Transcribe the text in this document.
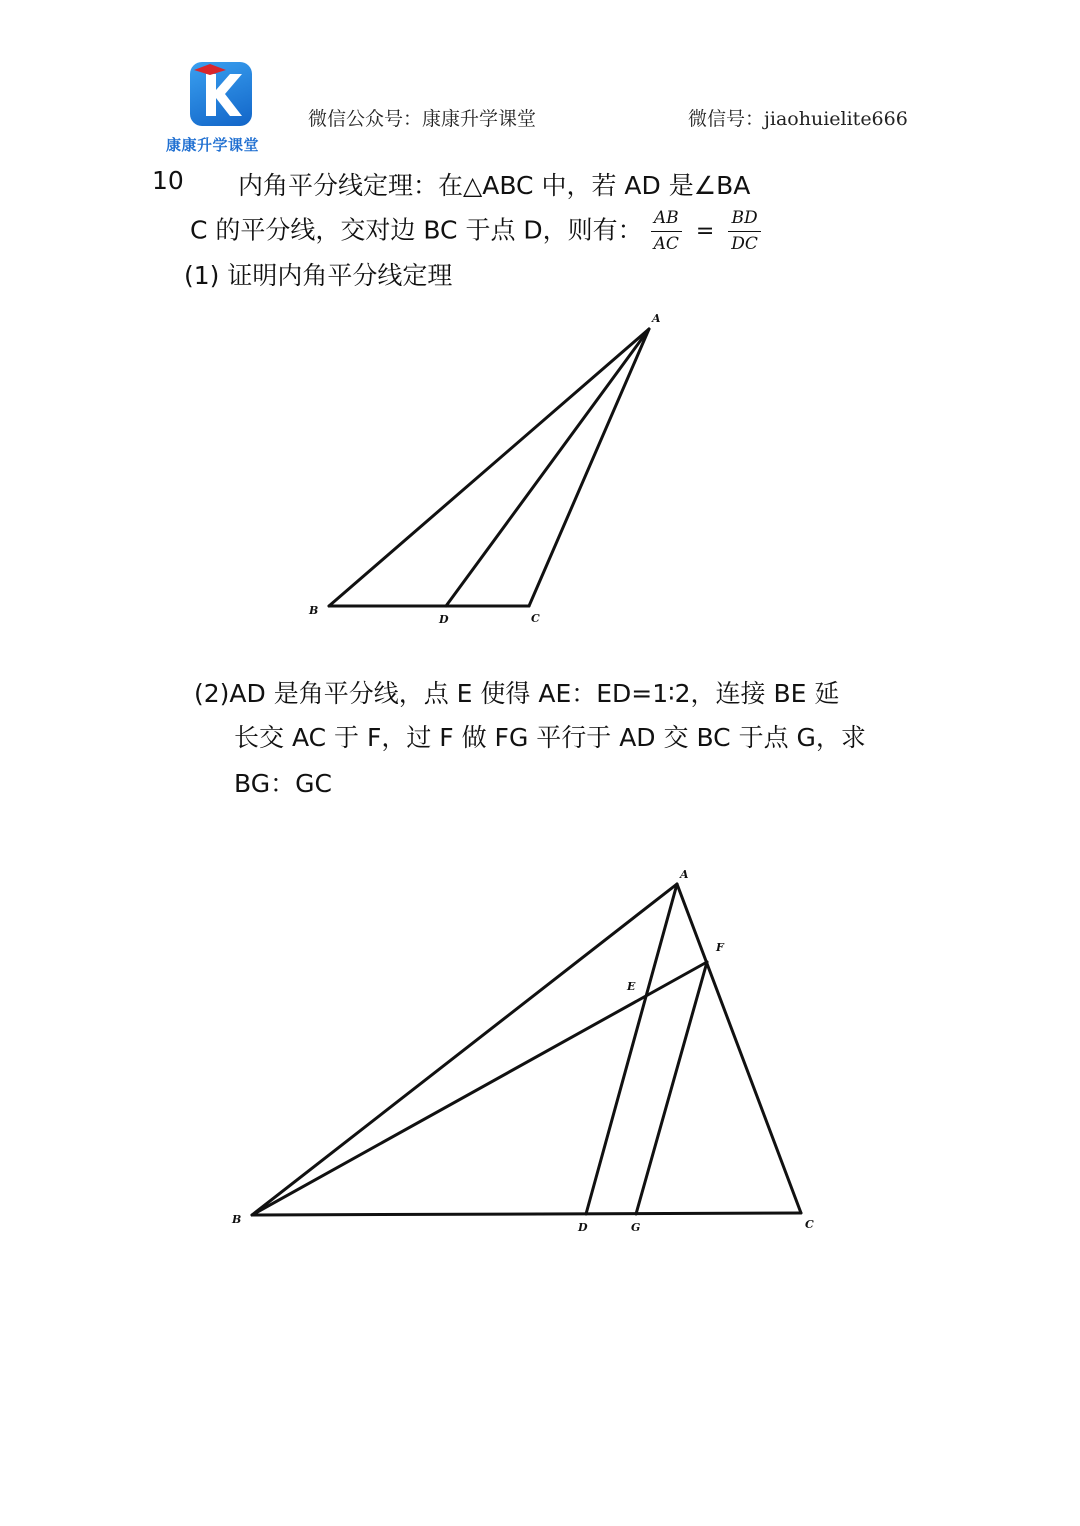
康康升学课堂
微信公众号：康康升学课堂	微信号：jiaohuielite666
10 内角平分线定理：在△ABC 中，若 AD 是∠BA
C 的平分线，交对边 BC 于点 D，则有： $\frac{AB}{AC} = \frac{BD}{DC}$
(1) 证明内角平分线定理
A
B
D	C
(2)AD 是角平分线，点 E 使得 AE：ED=1∶2，连接 BE 延
长交 AC 于 F，过 F 做 FG 平行于 AD 交 BC 于点 G，求
BG：GC
A
F
E
B
D	G	C
